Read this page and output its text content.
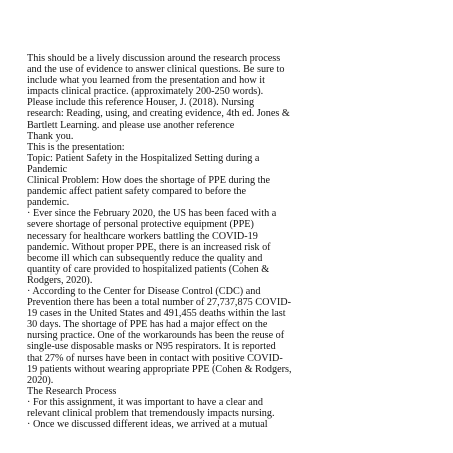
This should be a lively discussion around the research process
and the use of evidence to answer clinical questions. Be sure to
include what you learned from the presentation and how it
impacts clinical practice. (approximately 200-250 words).
Please include this reference Houser, J. (2018). Nursing
research: Reading, using, and creating evidence, 4th ed. Jones &
Bartlett Learning. and please use another reference
Thank you.
This is the presentation:
Topic: Patient Safety in the Hospitalized Setting during a
Pandemic
Clinical Problem: How does the shortage of PPE during the
pandemic affect patient safety compared to before the
pandemic.
· Ever since the February 2020, the US has been faced with a
severe shortage of personal protective equipment (PPE)
necessary for healthcare workers battling the COVID-19
pandemic. Without proper PPE, there is an increased risk of
become ill which can subsequently reduce the quality and
quantity of care provided to hospitalized patients (Cohen &
Rodgers, 2020).
· According to the Center for Disease Control (CDC) and
Prevention there has been a total number of 27,737,875 COVID-
19 cases in the United States and 491,455 deaths within the last
30 days. The shortage of PPE has had a major effect on the
nursing practice. One of the workarounds has been the reuse of
single-use disposable masks or N95 respirators. It is reported
that 27% of nurses have been in contact with positive COVID-
19 patients without wearing appropriate PPE (Cohen & Rodgers,
2020).
The Research Process
· For this assignment, it was important to have a clear and
relevant clinical problem that tremendously impacts nursing.
· Once we discussed different ideas, we arrived at a mutual
